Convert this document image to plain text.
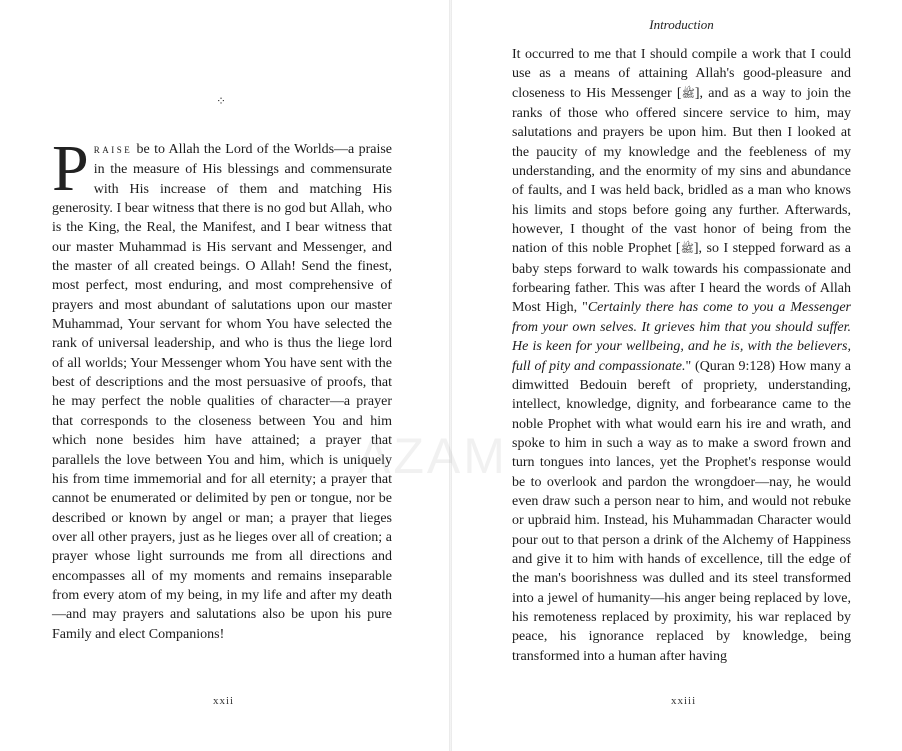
⁘
PRAISE be to Allah the Lord of the Worlds—a praise in the measure of His blessings and commensurate with His increase of them and matching His generosity. I bear witness that there is no god but Allah, who is the King, the Real, the Manifest, and I bear witness that our master Muhammad is His servant and Messenger, and the master of all created beings. O Allah! Send the finest, most perfect, most enduring, and most comprehensive of prayers and most abundant of salutations upon our master Muhammad, Your servant for whom You have selected the rank of universal leadership, and who is thus the liege lord of all worlds; Your Messenger whom You have sent with the best of descriptions and the most persuasive of proofs, that he may perfect the noble qualities of character—a prayer that corresponds to the closeness between You and him which none besides him have attained; a prayer that parallels the love between You and him, which is uniquely his from time immemorial and for all eternity; a prayer that cannot be enumerated or delimited by pen or tongue, nor be described or known by angel or man; a prayer that lieges over all other prayers, just as he lieges over all of creation; a prayer whose light surrounds me from all directions and encompasses all of my moments and remains inseparable from every atom of my being, in my life and after my death—and may prayers and salutations also be upon his pure Family and elect Companions!
xxii
Introduction
It occurred to me that I should compile a work that I could use as a means of attaining Allah's good-pleasure and closeness to His Messenger [ﷺ], and as a way to join the ranks of those who offered sincere service to him, may salutations and prayers be upon him. But then I looked at the paucity of my knowledge and the feebleness of my understanding, and the enormity of my sins and abundance of faults, and I was held back, bridled as a man who knows his limits and stops before going any further. Afterwards, however, I thought of the vast honor of being from the nation of this noble Prophet [ﷺ], so I stepped forward as a baby steps forward to walk towards his compassionate and forbearing father. This was after I heard the words of Allah Most High, "Certainly there has come to you a Messenger from your own selves. It grieves him that you should suffer. He is keen for your wellbeing, and he is, with the believers, full of pity and compassionate." (Quran 9:128) How many a dimwitted Bedouin bereft of propriety, understanding, intellect, knowledge, dignity, and forbearance came to the noble Prophet with what would earn his ire and wrath, and spoke to him in such a way as to make a sword frown and turn tongues into lances, yet the Prophet's response would be to overlook and pardon the wrongdoer—nay, he would even draw such a person near to him, and would not rebuke or upbraid him. Instead, his Muhammadan Character would pour out to that person a drink of the Alchemy of Happiness and give it to him with hands of excellence, till the edge of the man's boorishness was dulled and its steel transformed into a jewel of humanity—his anger being replaced by love, his remoteness replaced by proximity, his war replaced by peace, his ignorance replaced by knowledge, being transformed into a human after having
xxiii
AZAM
